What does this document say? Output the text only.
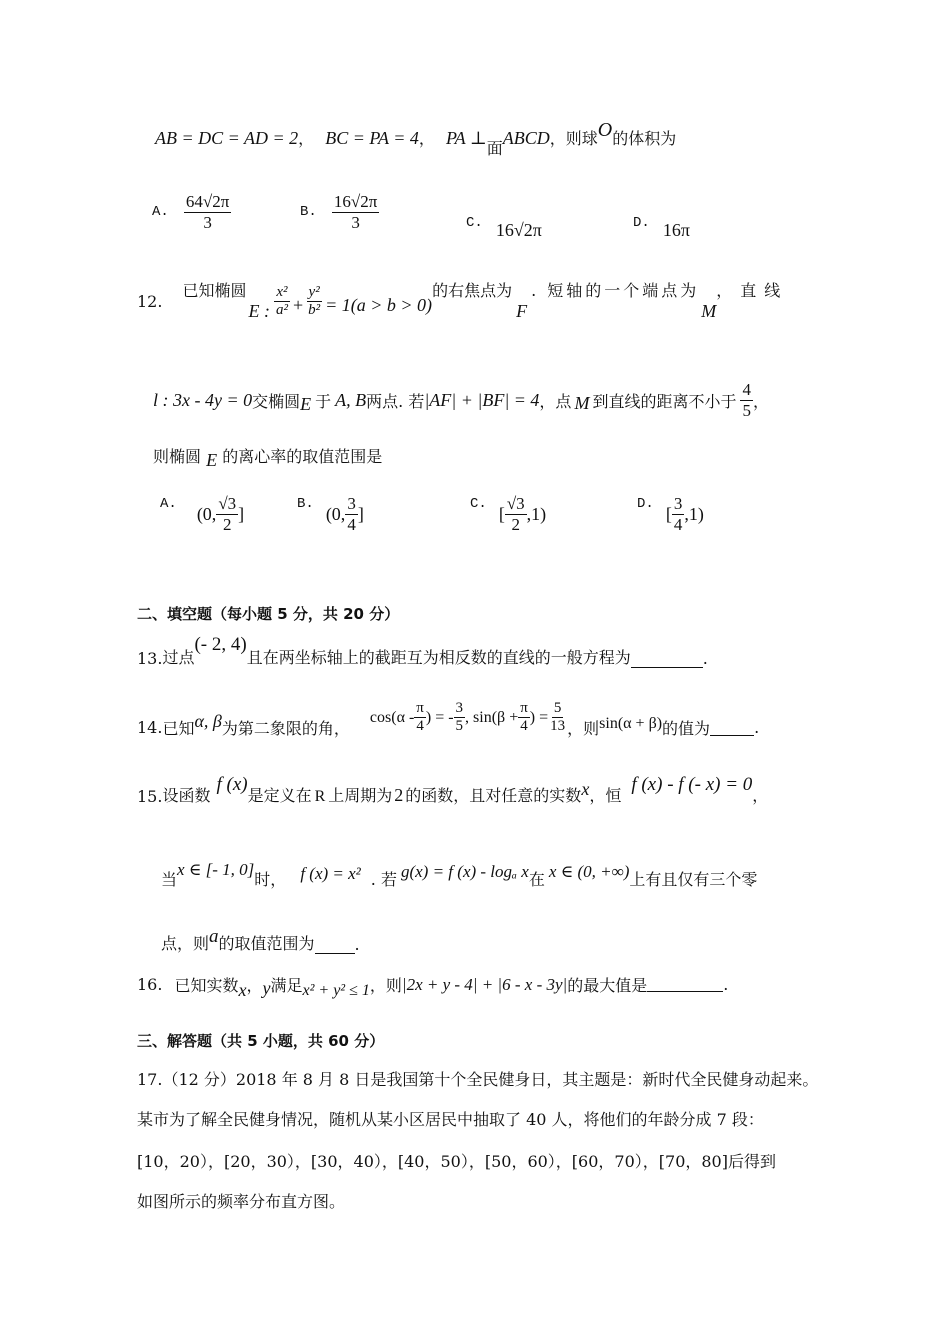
AB = DC = AD = 2， BC = PA = 4， PA ⊥面ABCD，则球O的体积为
A. $\frac{64√2\pi}{3}$	B. $\frac{16√2\pi}{3}$	C. 16√2π	D. 16π
12.
已知椭圆
E : $\frac{\text{x²}}{\text{a²}} + \frac{\text{y²}}{\text{b²}} = 1(a > b > 0)$
的右焦点为
F
. 短轴的一个端点为
M
，直线
l : 3x - 4y = 0 交椭圆 E 于 A, B 两点. 若 |AF| + |BF| = 4 ，点 M 到直线的距离不小于 $\frac{4}{5}$ ，
则椭圆 E 的离心率的取值范围是
A. (0, $\frac{√3}{2}$ ]	B. (0, $\frac{3}{4}$ ]	C. [ $\frac{√3}{2} ,1$)	D. [ $\frac{3}{4} ,1$)
二、填空题（每小题 5 分，共 20 分）
13. 过点
(- 2, 4)
且在两坐标轴上的截距互为相反数的直线的一般方程为	.
14. 已知 α, β 为第二象限的角，
$\cos(\alpha - \frac{\pi}{4}$ ) = - $\frac{3}{5}$ , $\sin(\beta + \frac{\pi}{4}$ ) = $\frac{5}{13}$ ，则 sin(α + β) 的值为	.
15. 设函数
f (x)
是定义在 R 上周期为 2 的函数，且对任意的实数 x ，恒
f (x) - f (- x) = 0
，
当
x ∈ [- 1, 0]
时， f (x) = x² . 若 g(x) = f (x) - logₐ x 在 x ∈ (0, +∞) 上有且仅有三个零
点，则 a 的取值范围为	.
16. 已知实数 x ， y 满足 x² + y² ≤ 1 ，则 |2x + y - 4| + |6 - x - 3y| 的最大值是	.
三、解答题（共 5 小题，共 60 分）
17.（12 分）2018 年 8 月 8 日是我国第十个全民健身日，其主题是：新时代全民健身动起来。
某市为了解全民健身情况，随机从某小区居民中抽取了 40 人，将他们的年龄分成 7 段：
[10，20），[20，30），[30，40），[40，50），[50，60），[60，70），[70，80]后得到
如图所示的频率分布直方图。
